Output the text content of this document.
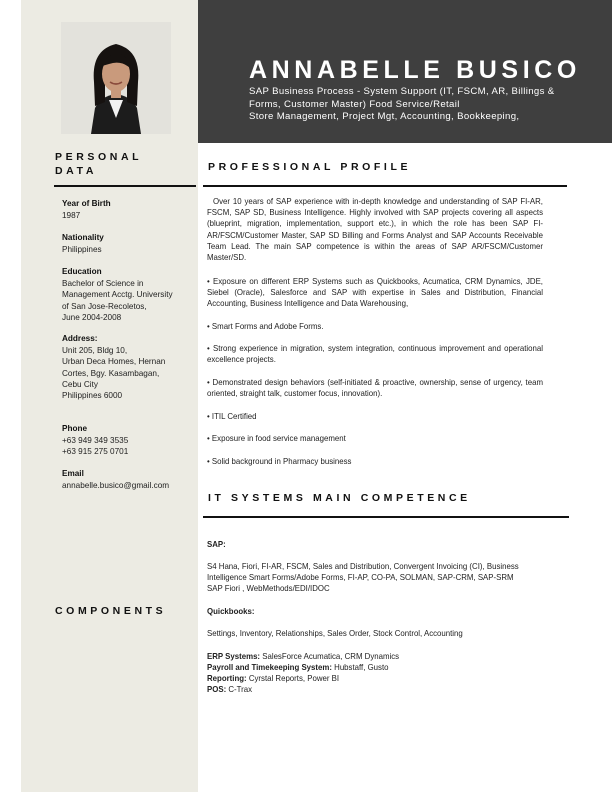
ANNABELLE BUSICO
SAP Business Process - System Support (IT, FSCM, AR, Billings & Forms, Customer Master) Food Service/Retail
Store Management, Project Mgt, Accounting, Bookkeeping,
PERSONAL
DATA
Year of Birth
1987
Nationality
Philippines
Education
Bachelor of Science in
Management Acctg. University
of San Jose-Recoletos,
June 2004-2008
Address:
Unit 205, Bldg 10,
Urban Deca Homes, Hernan
Cortes, Bgy. Kasambagan,
Cebu City
Philippines 6000
Phone
+63 949 349 3535
+63 915 275 0701
Email
annabelle.busico@gmail.com
COMPONENTS
PROFESSIONAL PROFILE
Over 10 years of SAP experience with in-depth knowledge and understanding of SAP FI-AR, FSCM, SAP SD, Business Intelligence. Highly involved with SAP projects covering all aspects (blueprint, migration, implementation, support etc.), in which the role has been SAP FI-AR/FSCM/Customer Master, SAP SD Billing and Forms Analyst and SAP Accounts Receivable Team Lead. The main SAP competence is within the areas of SAP AR/FSCM/Customer Master/SD.
• Exposure on different ERP Systems such as Quickbooks, Acumatica, CRM Dynamics, JDE, Siebel (Oracle), Salesforce and SAP with expertise in Sales and Distribution, Financial Accounting, Business Intelligence and Data Warehousing,
• Smart Forms and Adobe Forms.
• Strong experience in migration, system integration, continuous improvement and operational excellence projects.
• Demonstrated design behaviors (self-initiated & proactive, ownership, sense of urgency, team oriented, straight talk, customer focus, innovation).
• ITIL Certified
• Exposure in food service management
• Solid background in Pharmacy business
IT SYSTEMS MAIN COMPETENCE
SAP:
S4 Hana, Fiori, FI-AR, FSCM, Sales and Distribution, Convergent Invoicing (CI), Business
Intelligence Smart Forms/Adobe Forms, FI-AP, CO-PA, SOLMAN, SAP-CRM, SAP-SRM
SAP Fiori , WebMethods/EDI/IDOC
Quickbooks:
Settings, Inventory, Relationships, Sales Order, Stock Control, Accounting
ERP Systems: SalesForce Acumatica, CRM Dynamics
Payroll and Timekeeping System: Hubstaff, Gusto
Reporting: Cyrstal Reports, Power BI
POS: C-Trax
